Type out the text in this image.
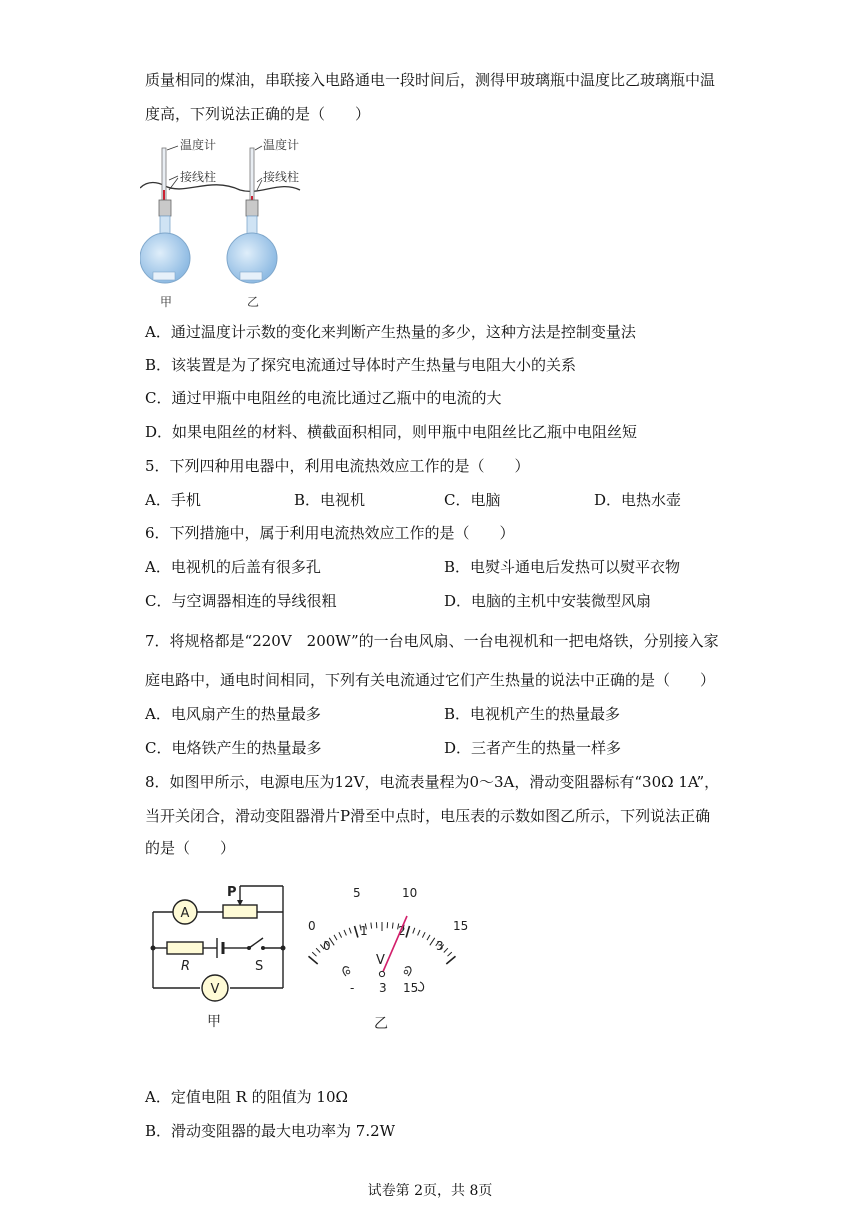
质量相同的煤油，串联接入电路通电一段时间后，测得甲玻璃瓶中温度比乙玻璃瓶中温
度高，下列说法正确的是（　　）
温度计
接线柱
温度计
接线柱
甲	乙
A．通过温度计示数的变化来判断产生热量的多少，这种方法是控制变量法
B．该装置是为了探究电流通过导体时产生热量与电阻大小的关系
C．通过甲瓶中电阻丝的电流比通过乙瓶中的电流的大
D．如果电阻丝的材料、横截面积相同，则甲瓶中电阻丝比乙瓶中电阻丝短
5．下列四种用电器中，利用电流热效应工作的是（　　）
A．手机	B．电视机	C．电脑	D．电热水壶
6．下列措施中，属于利用电流热效应工作的是（　　）
A．电视机的后盖有很多孔	B．电熨斗通电后发热可以熨平衣物
C．与空调器相连的导线很粗	D．电脑的主机中安装微型风扇
7．将规格都是“220V　200W”的一台电风扇、一台电视机和一把电烙铁，分别接入家
庭电路中，通电时间相同，下列有关电流通过它们产生热量的说法中正确的是（　　）
A．电风扇产生的热量最多	B．电视机产生的热量最多
C．电烙铁产生的热量最多	D．三者产生的热量一样多
8．如图甲所示，电源电压为12V，电流表量程为0～3A，滑动变阻器标有“30Ω 1A”，
当开关闭合，滑动变阻器滑片P滑至中点时，电压表的示数如图乙所示，下列说法正确
的是（　　）
A
P
R	S
V
甲
0
5	10
15
0
1	2
3
V
- 3 15
乙
A．定值电阻 R 的阻值为 10Ω
B．滑动变阻器的最大电功率为 7.2W
试卷第 2页，共 8页
